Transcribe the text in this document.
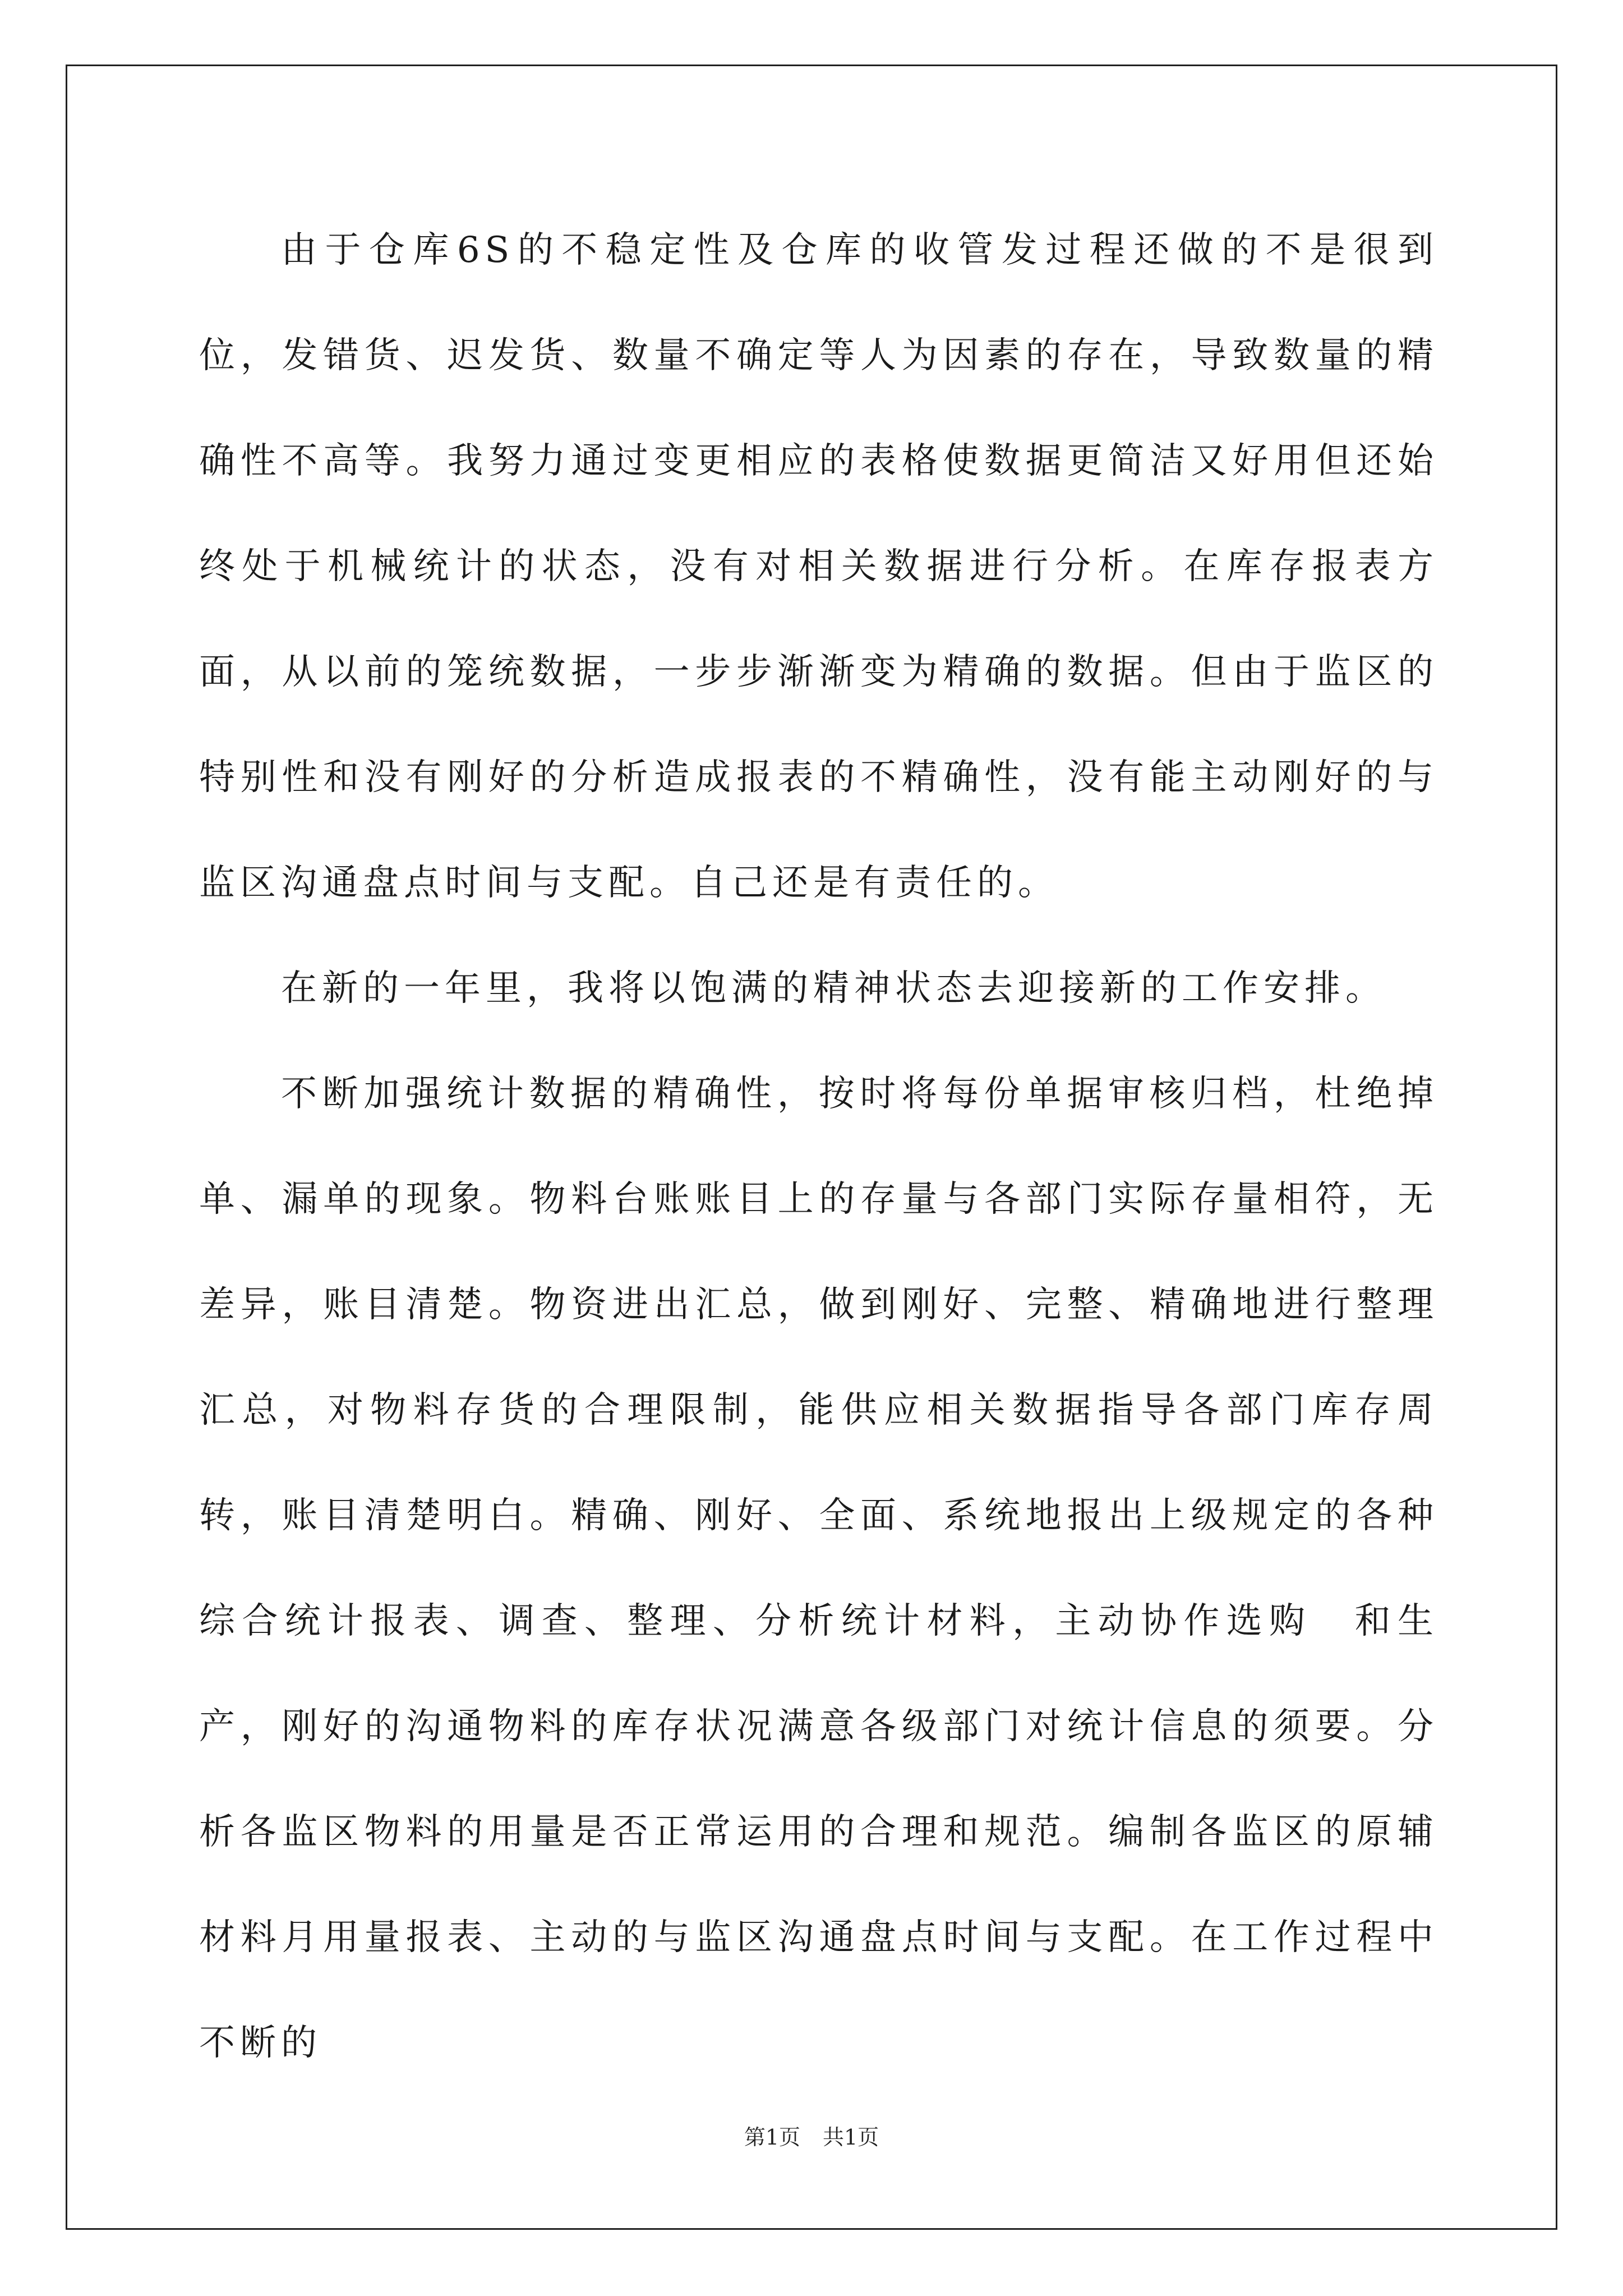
由于仓库6S的不稳定性及仓库的收管发过程还做的不是很到位，发错货、迟发货、数量不确定等人为因素的存在，导致数量的精确性不高等。我努力通过变更相应的表格使数据更简洁又好用但还始终处于机械统计的状态，没有对相关数据进行分析。在库存报表方面，从以前的笼统数据，一步步渐渐变为精确的数据。但由于监区的特别性和没有刚好的分析造成报表的不精确性，没有能主动刚好的与监区沟通盘点时间与支配。自己还是有责任的。

在新的一年里，我将以饱满的精神状态去迎接新的工作安排。

不断加强统计数据的精确性，按时将每份单据审核归档，杜绝掉单、漏单的现象。物料台账账目上的存量与各部门实际存量相符，无差异，账目清楚。物资进出汇总，做到刚好、完整、精确地进行整理汇总，对物料存货的合理限制，能供应相关数据指导各部门库存周转，账目清楚明白。精确、刚好、全面、系统地报出上级规定的各种综合统计报表、调查、整理、分析统计材料，主动协作选购　和生产，刚好的沟通物料的库存状况满意各级部门对统计信息的须要。分析各监区物料的用量是否正常运用的合理和规范。编制各监区的原辅材料月用量报表、主动的与监区沟通盘点时间与支配。在工作过程中不断的

第1页 共1页
